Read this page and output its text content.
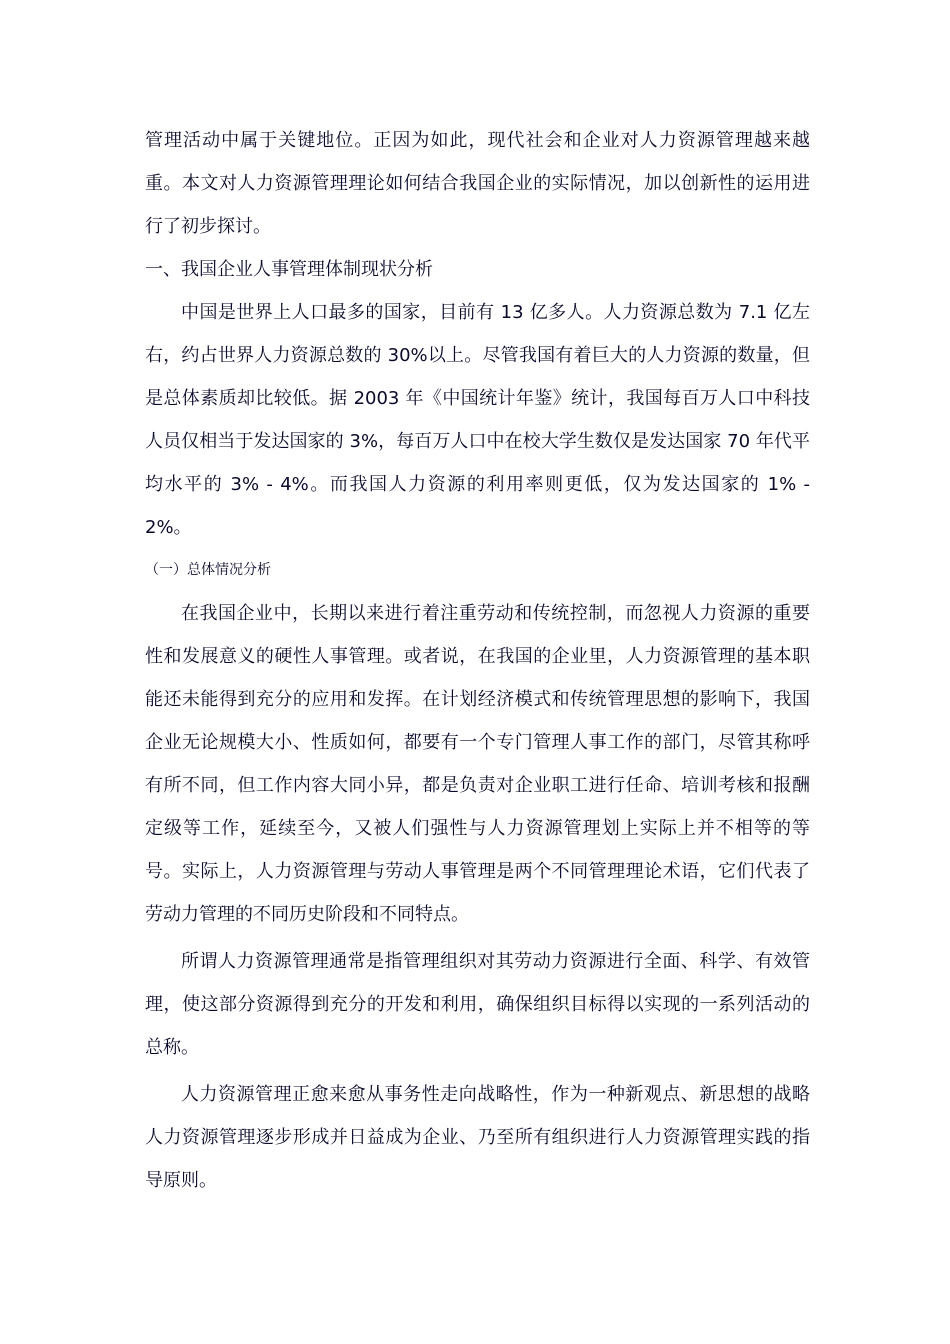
管理活动中属于关键地位。正因为如此，现代社会和企业对人力资源管理越来越重。本文对人力资源管理理论如何结合我国企业的实际情况，加以创新性的运用进行了初步探讨。

一、我国企业人事管理体制现状分析

中国是世界上人口最多的国家，目前有 13 亿多人。人力资源总数为 7.1 亿左右，约占世界人力资源总数的 30%以上。尽管我国有着巨大的人力资源的数量，但是总体素质却比较低。据 2003 年《中国统计年鉴》统计，我国每百万人口中科技人员仅相当于发达国家的 3%，每百万人口中在校大学生数仅是发达国家 70 年代平均水平的 3% - 4%。而我国人力资源的利用率则更低，仅为发达国家的 1% - 2%。

（一）总体情况分析

在我国企业中，长期以来进行着注重劳动和传统控制，而忽视人力资源的重要性和发展意义的硬性人事管理。或者说，在我国的企业里，人力资源管理的基本职能还未能得到充分的应用和发挥。在计划经济模式和传统管理思想的影响下，我国企业无论规模大小、性质如何，都要有一个专门管理人事工作的部门，尽管其称呼有所不同，但工作内容大同小异，都是负责对企业职工进行任命、培训考核和报酬定级等工作，延续至今，又被人们强性与人力资源管理划上实际上并不相等的等号。实际上，人力资源管理与劳动人事管理是两个不同管理理论术语，它们代表了劳动力管理的不同历史阶段和不同特点。

所谓人力资源管理通常是指管理组织对其劳动力资源进行全面、科学、有效管理，使这部分资源得到充分的开发和利用，确保组织目标得以实现的一系列活动的总称。

人力资源管理正愈来愈从事务性走向战略性，作为一种新观点、新思想的战略人力资源管理逐步形成并日益成为企业、乃至所有组织进行人力资源管理实践的指导原则。
